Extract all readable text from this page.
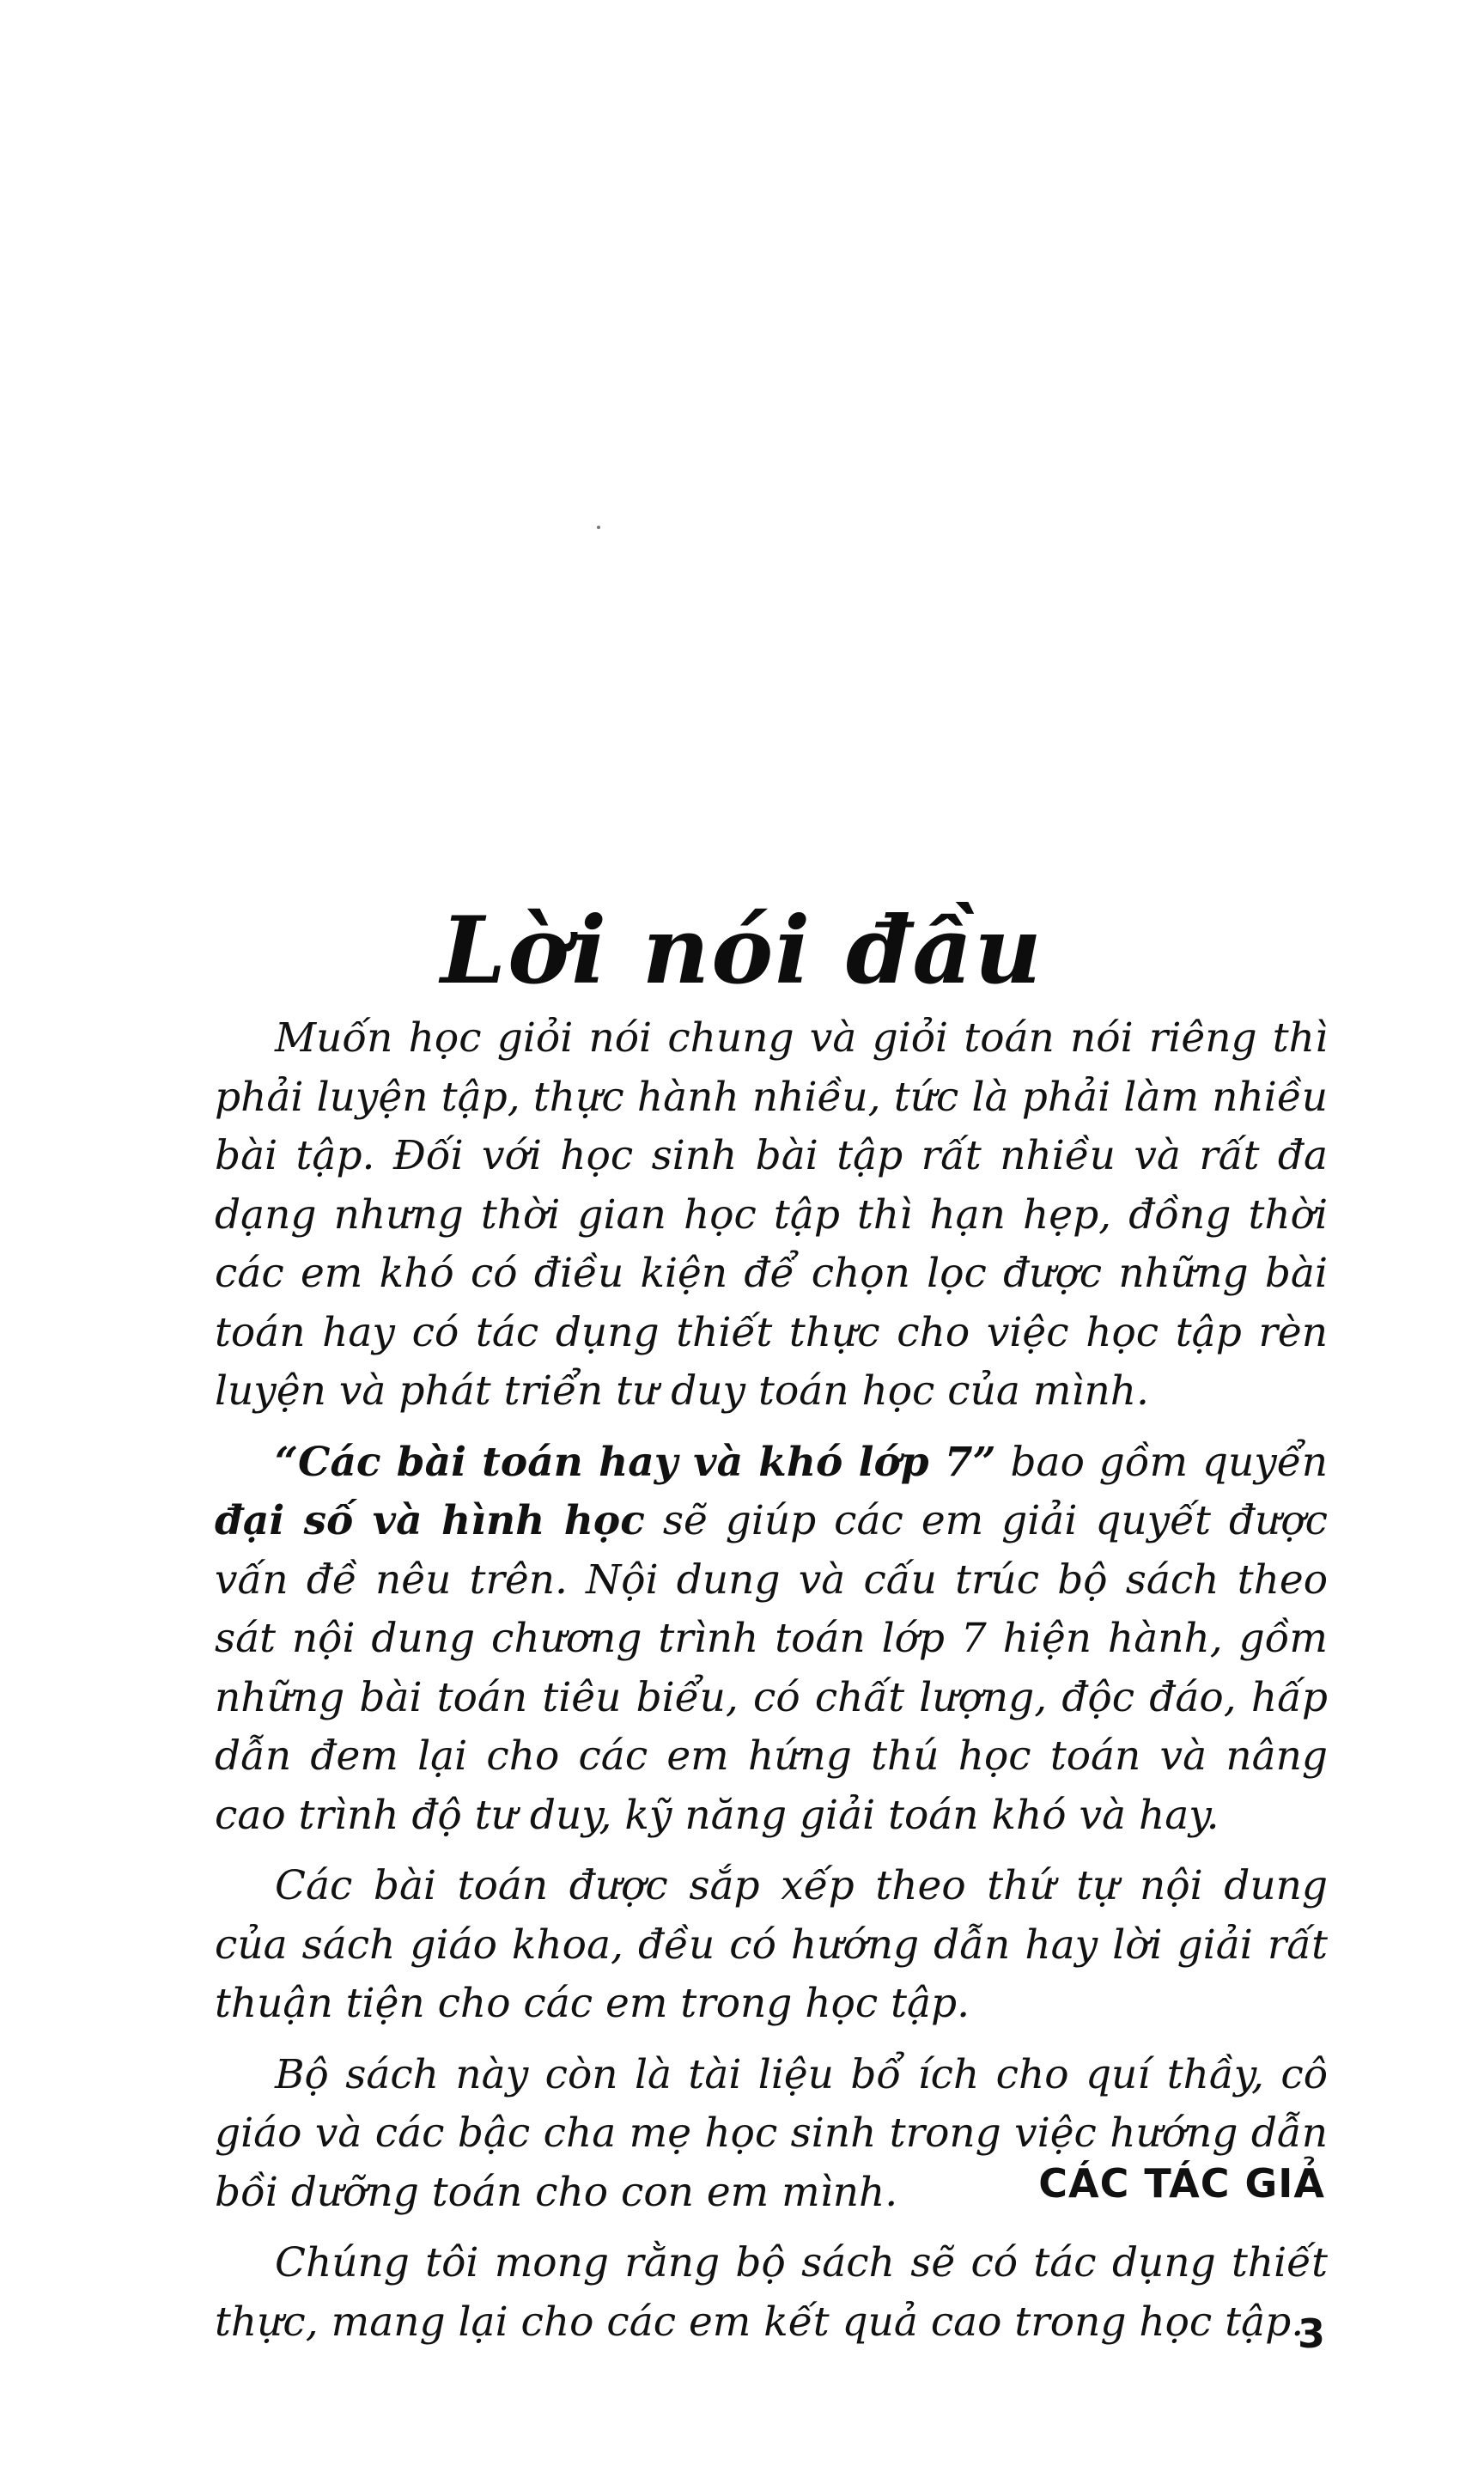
Lời nói đầu

Muốn học giỏi nói chung và giỏi toán nói riêng thì phải luyện tập, thực hành nhiều, tức là phải làm nhiều bài tập. Đối với học sinh bài tập rất nhiều và rất đa dạng nhưng thời gian học tập thì hạn hẹp, đồng thời các em khó có điều kiện để chọn lọc được những bài toán hay có tác dụng thiết thực cho việc học tập rèn luyện và phát triển tư duy toán học của mình.

“Các bài toán hay và khó lớp 7” bao gồm quyển đại số và hình học sẽ giúp các em giải quyết được vấn đề nêu trên. Nội dung và cấu trúc bộ sách theo sát nội dung chương trình toán lớp 7 hiện hành, gồm những bài toán tiêu biểu, có chất lượng, độc đáo, hấp dẫn đem lại cho các em hứng thú học toán và nâng cao trình độ tư duy, kỹ năng giải toán khó và hay.

Các bài toán được sắp xếp theo thứ tự nội dung của sách giáo khoa, đều có hướng dẫn hay lời giải rất thuận tiện cho các em trong học tập.

Bộ sách này còn là tài liệu bổ ích cho quí thầy, cô giáo và các bậc cha mẹ học sinh trong việc hướng dẫn bồi dưỡng toán cho con em mình.

Chúng tôi mong rằng bộ sách sẽ có tác dụng thiết thực, mang lại cho các em kết quả cao trong học tập.

CÁC TÁC GIẢ
3
